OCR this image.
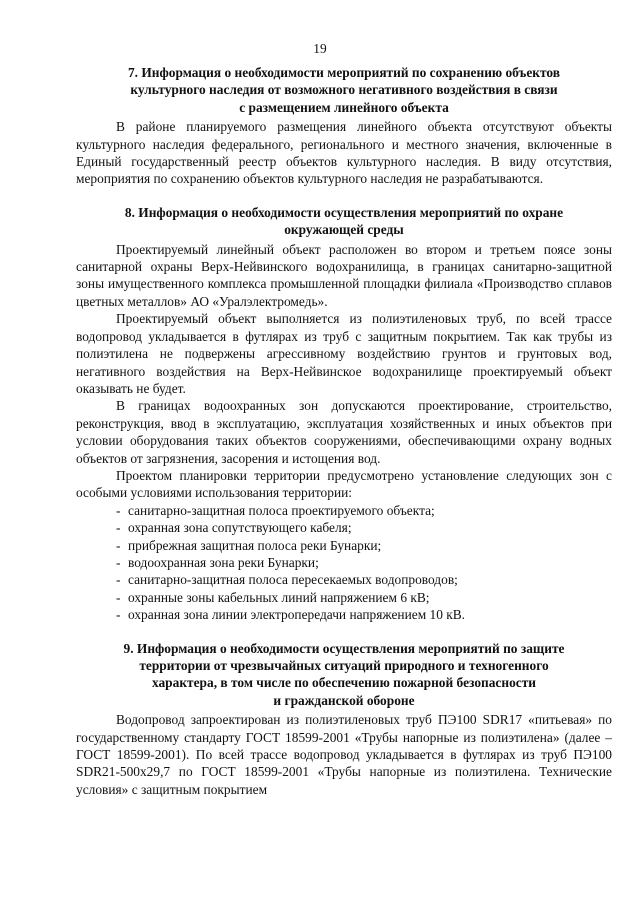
19
7. Информация о необходимости мероприятий по сохранению объектов
культурного наследия от возможного негативного воздействия в связи
с размещением линейного объекта

В районе планируемого размещения линейного объекта отсутствуют объекты культурного наследия федерального, регионального и местного значения, включенные в Единый государственный реестр объектов культурного наследия. В виду отсутствия, мероприятия по сохранению объектов культурного наследия не разрабатываются.

8. Информация о необходимости осуществления мероприятий по охране
окружающей среды

Проектируемый линейный объект расположен во втором и третьем поясе зоны санитарной охраны Верх-Нейвинского водохранилища, в границах санитарно-защитной зоны имущественного комплекса промышленной площадки филиала «Производство сплавов цветных металлов» АО «Уралэлектромедь».

Проектируемый объект выполняется из полиэтиленовых труб, по всей трассе водопровод укладывается в футлярах из труб с защитным покрытием. Так как трубы из полиэтилена не подвержены агрессивному воздействию грунтов и грунтовых вод, негативного воздействия на Верх-Нейвинское водохранилище проектируемый объект оказывать не будет.

В границах водоохранных зон допускаются проектирование, строительство, реконструкция, ввод в эксплуатацию, эксплуатация хозяйственных и иных объектов при условии оборудования таких объектов сооружениями, обеспечивающими охрану водных объектов от загрязнения, засорения и истощения вод.

Проектом планировки территории предусмотрено установление следующих зон с особыми условиями использования территории:

- санитарно-защитная полоса проектируемого объекта;
- охранная зона сопутствующего кабеля;
- прибрежная защитная полоса реки Бунарки;
- водоохранная зона реки Бунарки;
- санитарно-защитная полоса пересекаемых водопроводов;
- охранные зоны кабельных линий напряжением 6 кВ;
- охранная зона линии электропередачи напряжением 10 кВ.
9. Информация о необходимости осуществления мероприятий по защите
территории от чрезвычайных ситуаций природного и техногенного
характера, в том числе по обеспечению пожарной безопасности
и гражданской обороне

Водопровод запроектирован из полиэтиленовых труб ПЭ100 SDR17 «питьевая» по государственному стандарту ГОСТ 18599-2001 «Трубы напорные из полиэтилена» (далее – ГОСТ 18599-2001). По всей трассе водопровод укладывается в футлярах из труб ПЭ100 SDR21-500х29,7 по ГОСТ 18599-2001 «Трубы напорные из полиэтилена. Технические условия» с защитным покрытием
